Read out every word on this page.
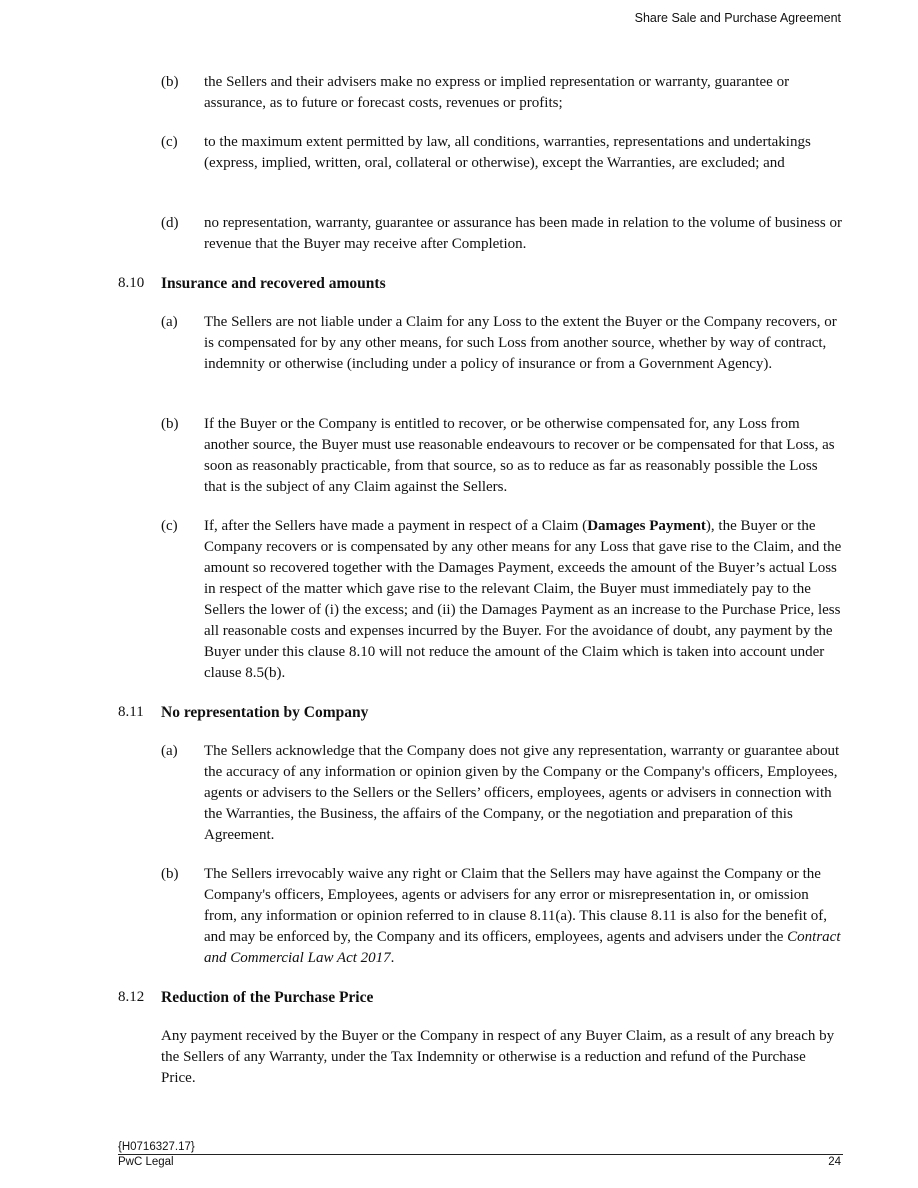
Share Sale and Purchase Agreement
(b) the Sellers and their advisers make no express or implied representation or warranty, guarantee or assurance, as to future or forecast costs, revenues or profits;
(c) to the maximum extent permitted by law, all conditions, warranties, representations and undertakings (express, implied, written, oral, collateral or otherwise), except the Warranties, are excluded; and
(d) no representation, warranty, guarantee or assurance has been made in relation to the volume of business or revenue that the Buyer may receive after Completion.
8.10 Insurance and recovered amounts
(a) The Sellers are not liable under a Claim for any Loss to the extent the Buyer or the Company recovers, or is compensated for by any other means, for such Loss from another source, whether by way of contract, indemnity or otherwise (including under a policy of insurance or from a Government Agency).
(b) If the Buyer or the Company is entitled to recover, or be otherwise compensated for, any Loss from another source, the Buyer must use reasonable endeavours to recover or be compensated for that Loss, as soon as reasonably practicable, from that source, so as to reduce as far as reasonably possible the Loss that is the subject of any Claim against the Sellers.
(c) If, after the Sellers have made a payment in respect of a Claim (Damages Payment), the Buyer or the Company recovers or is compensated by any other means for any Loss that gave rise to the Claim, and the amount so recovered together with the Damages Payment, exceeds the amount of the Buyer’s actual Loss in respect of the matter which gave rise to the relevant Claim, the Buyer must immediately pay to the Sellers the lower of (i) the excess; and (ii) the Damages Payment as an increase to the Purchase Price, less all reasonable costs and expenses incurred by the Buyer. For the avoidance of doubt, any payment by the Buyer under this clause 8.10 will not reduce the amount of the Claim which is taken into account under clause 8.5(b).
8.11 No representation by Company
(a) The Sellers acknowledge that the Company does not give any representation, warranty or guarantee about the accuracy of any information or opinion given by the Company or the Company's officers, Employees, agents or advisers to the Sellers or the Sellers’ officers, employees, agents or advisers in connection with the Warranties, the Business, the affairs of the Company, or the negotiation and preparation of this Agreement.
(b) The Sellers irrevocably waive any right or Claim that the Sellers may have against the Company or the Company's officers, Employees, agents or advisers for any error or misrepresentation in, or omission from, any information or opinion referred to in clause 8.11(a). This clause 8.11 is also for the benefit of, and may be enforced by, the Company and its officers, employees, agents and advisers under the Contract and Commercial Law Act 2017.
8.12 Reduction of the Purchase Price
Any payment received by the Buyer or the Company in respect of any Buyer Claim, as a result of any breach by the Sellers of any Warranty, under the Tax Indemnity or otherwise is a reduction and refund of the Purchase Price.
{H0716327.17}
PwC Legal	24
